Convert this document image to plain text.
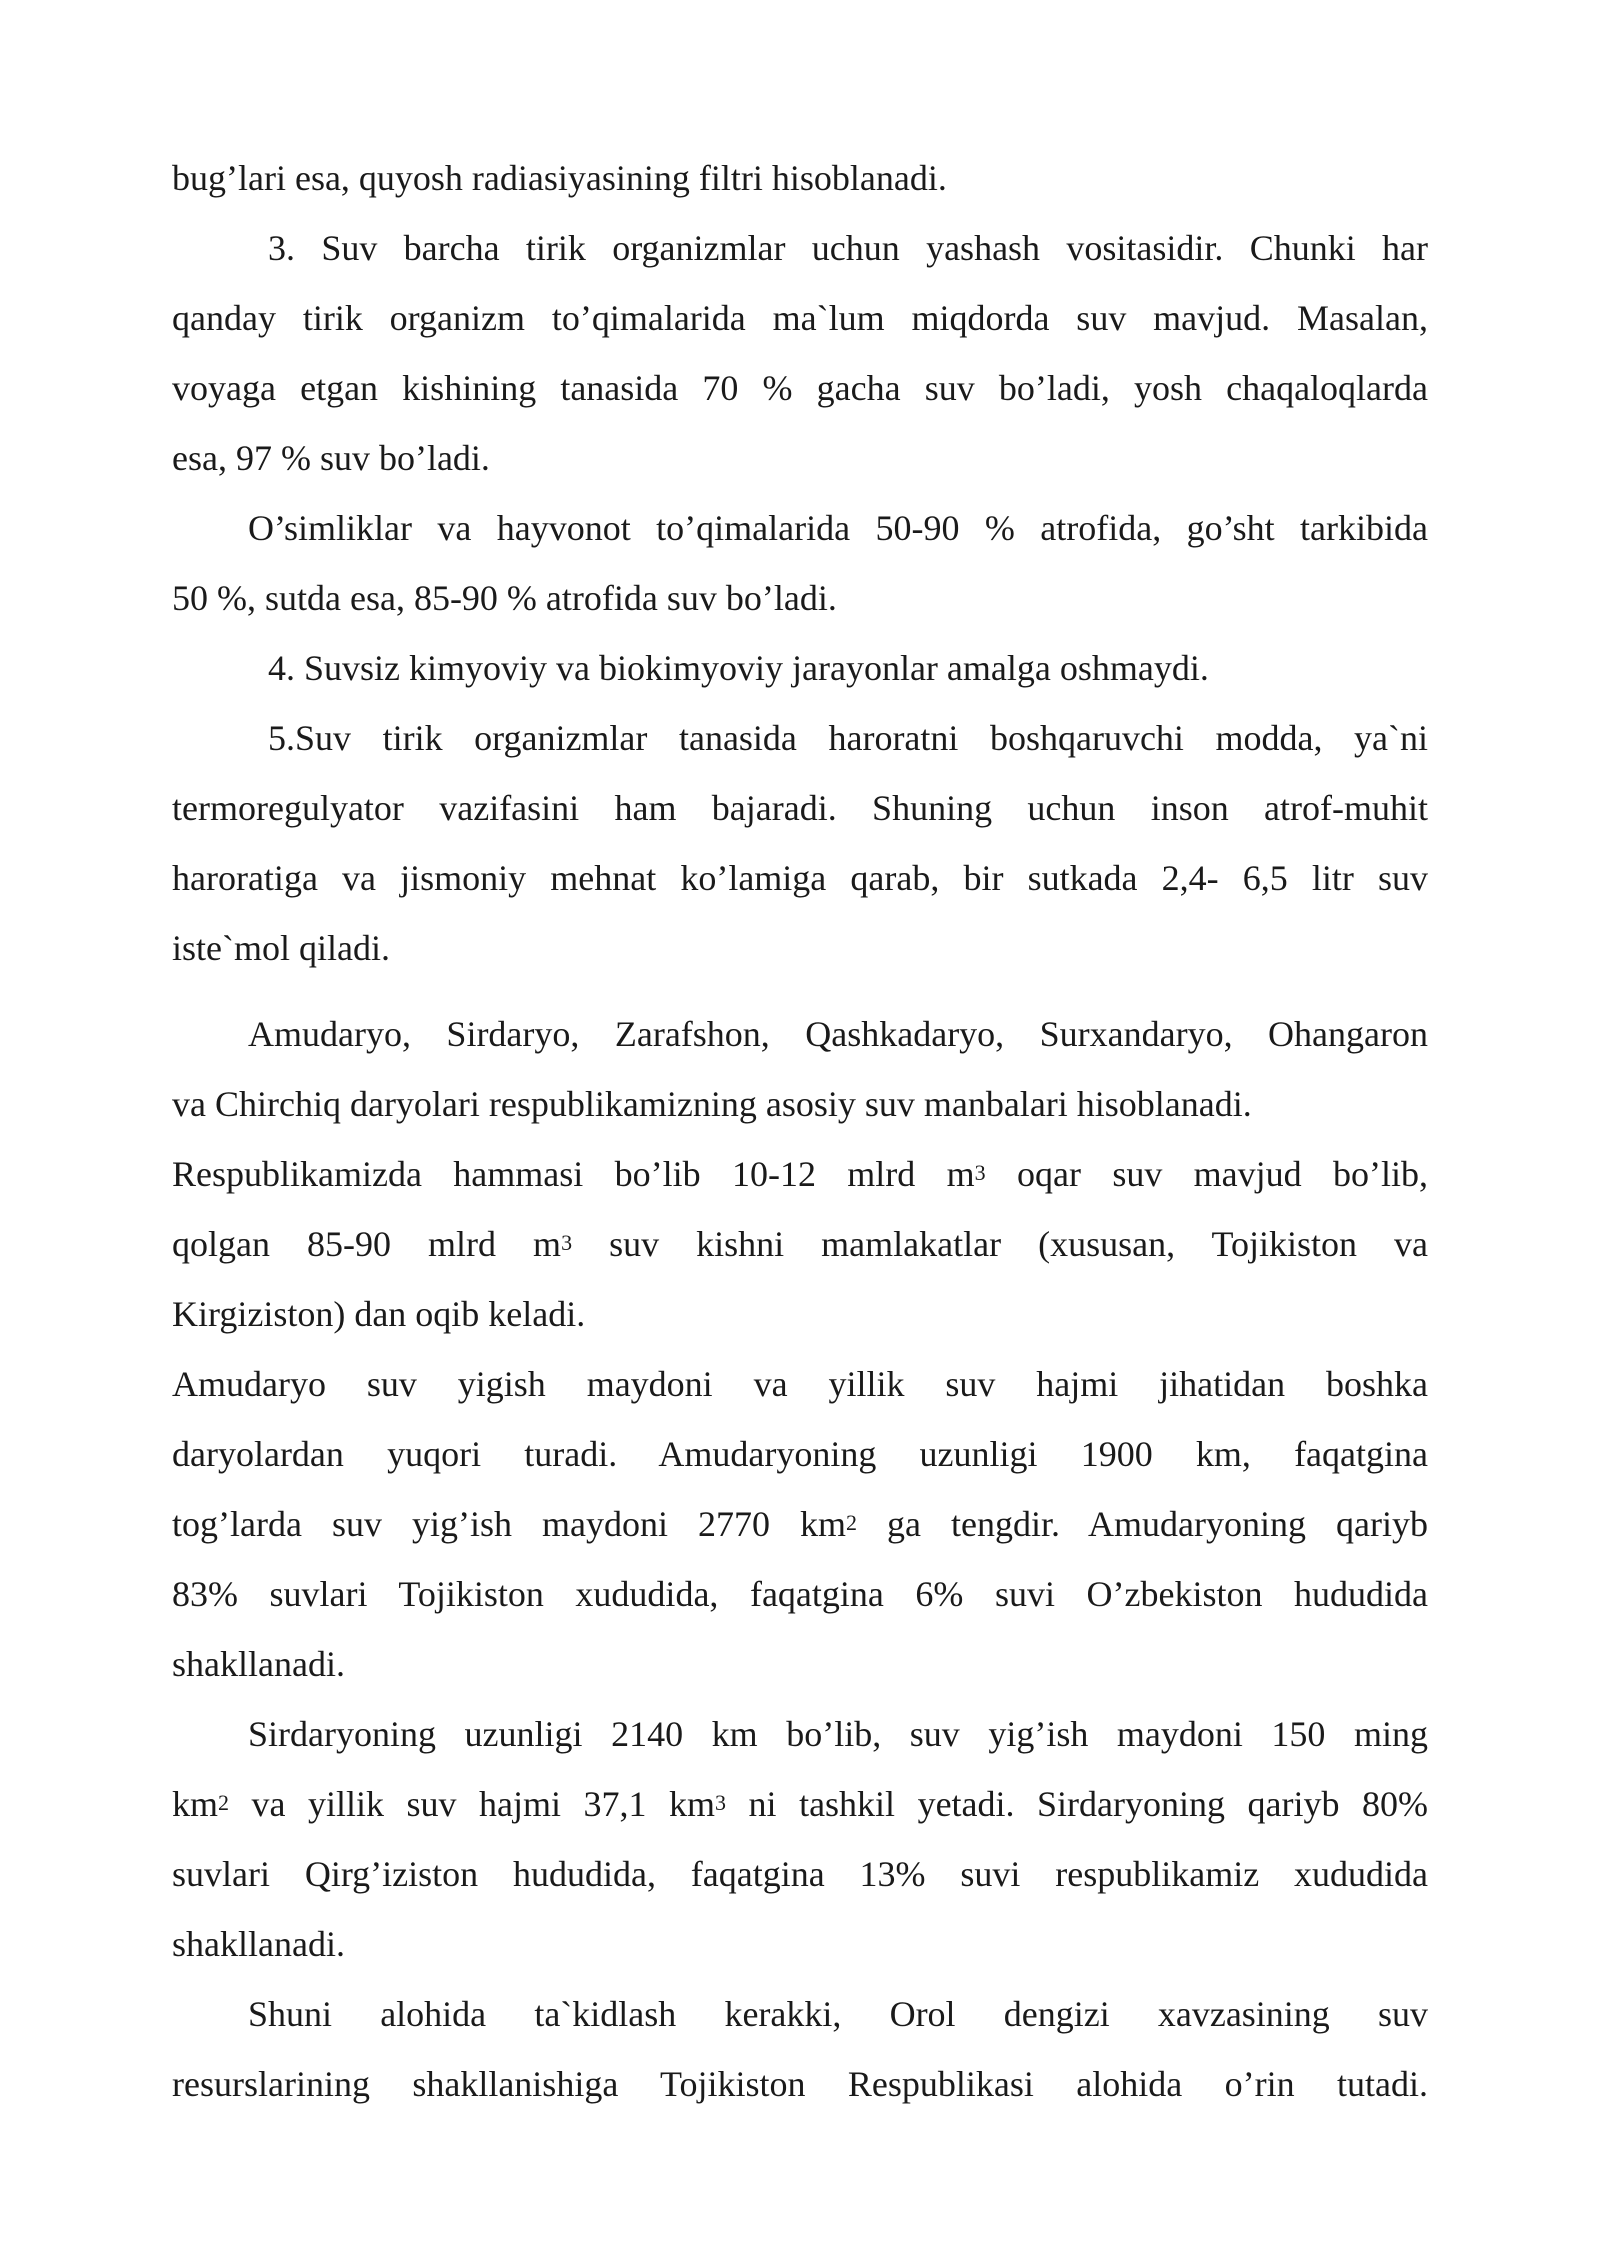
bug’lari esa, quyosh radiasiyasining filtri hisoblanadi.
3. Suv barcha tirik organizmlar uchun yashash vositasidir. Chunki har
qanday tirik organizm to’qimalarida ma`lum miqdorda suv mavjud. Masalan,
voyaga etgan kishining tanasida 70 % gacha suv bo’ladi, yosh chaqaloqlarda
esa, 97 % suv bo’ladi.
O’simliklar va hayvonot to’qimalarida 50-90 % atrofida, go’sht tarkibida
50 %, sutda esa, 85-90 % atrofida suv bo’ladi.
4. Suvsiz kimyoviy va biokimyoviy jarayonlar amalga oshmaydi.
5.Suv tirik organizmlar tanasida haroratni boshqaruvchi modda, ya`ni
termoregulyator vazifasini ham bajaradi. Shuning uchun inson atrof-muhit
haroratiga va jismoniy mehnat ko’lamiga qarab, bir sutkada 2,4- 6,5 litr suv
iste`mol qiladi.
Amudaryo, Sirdaryo, Zarafshon, Qashkadaryo, Surxandaryo, Ohangaron
va Chirchiq daryolari respublikamizning asosiy suv manbalari hisoblanadi.
Respublikamizda hammasi bo’lib 10-12 mlrd $m^3$ oqar suv mavjud bo’lib,
qolgan 85-90 mlrd $m^3$ suv kishni mamlakatlar (xususan, Tojikiston va
Kirgiziston) dan oqib keladi.
Amudaryo suv yigish maydoni va yillik suv hajmi jihatidan boshka
daryolardan yuqori turadi. Amudaryoning uzunligi 1900 km, faqatgina
tog’larda suv yig’ish maydoni 2770 $km^2$ ga tengdir. Amudaryoning qariyb
83% suvlari Tojikiston xududida, faqatgina 6% suvi O’zbekiston hududida
shakllanadi.
Sirdaryoning uzunligi 2140 km bo’lib, suv yig’ish maydoni 150 ming
$km^2$ va yillik suv hajmi 37,1 $km^3$ ni tashkil yetadi. Sirdaryoning qariyb 80%
suvlari Qirg’iziston hududida, faqatgina 13% suvi respublikamiz xududida
shakllanadi.
Shuni alohida ta`kidlash kerakki, Orol dengizi xavzasining suv
resurslarining shakllanishiga Tojikiston Respublikasi alohida o’rin tutadi.
